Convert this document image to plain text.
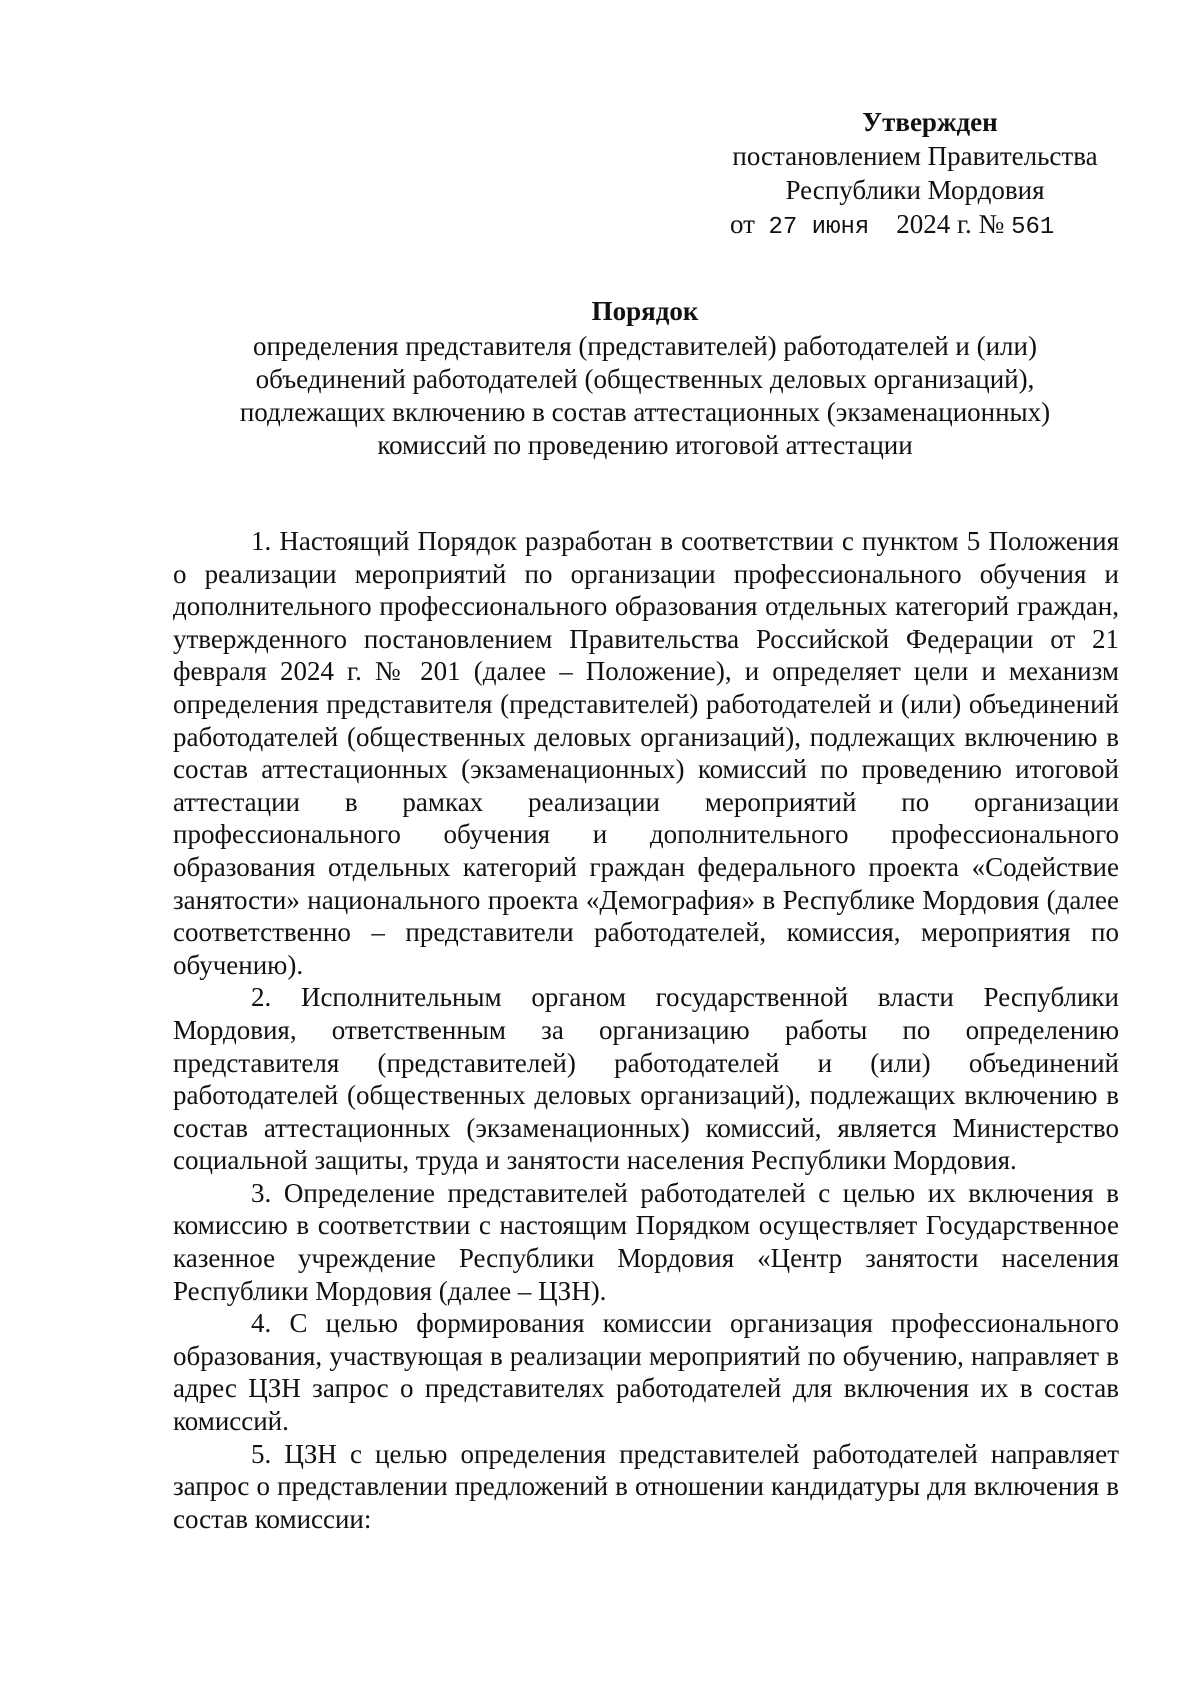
Утвержден
постановлением Правительства
Республики Мордовия
от 27 июня 2024 г. № 561
Порядок
определения представителя (представителей) работодателей и (или)
объединений работодателей (общественных деловых организаций),
подлежащих включению в состав аттестационных (экзаменационных)
комиссий по проведению итоговой аттестации

1. Настоящий Порядок разработан в соответствии с пунктом 5 Положения о реализации мероприятий по организации профессионального обучения и дополнительного профессионального образования отдельных категорий граждан, утвержденного постановлением Правительства Российской Федерации от 21 февраля 2024 г. № 201 (далее – Положение), и определяет цели и механизм определения представителя (представителей) работодателей и (или) объединений работодателей (общественных деловых организаций), подлежащих включению в состав аттестационных (экзаменационных) комиссий по проведению итоговой аттестации в рамках реализации мероприятий по организации профессионального обучения и дополнительного профессионального образования отдельных категорий граждан федерального проекта «Содействие занятости» национального проекта «Демография» в Республике Мордовия (далее соответственно – представители работодателей, комиссия, мероприятия по обучению).

2. Исполнительным органом государственной власти Республики Мордовия, ответственным за организацию работы по определению представителя (представителей) работодателей и (или) объединений работодателей (общественных деловых организаций), подлежащих включению в состав аттестационных (экзаменационных) комиссий, является Министерство социальной защиты, труда и занятости населения Республики Мордовия.

3. Определение представителей работодателей с целью их включения в комиссию в соответствии с настоящим Порядком осуществляет Государственное казенное учреждение Республики Мордовия «Центр занятости населения Республики Мордовия (далее – ЦЗН).

4. С целью формирования комиссии организация профессионального образования, участвующая в реализации мероприятий по обучению, направляет в адрес ЦЗН запрос о представителях работодателей для включения их в состав комиссий.

5. ЦЗН с целью определения представителей работодателей направляет запрос о представлении предложений в отношении кандидатуры для включения в состав комиссии:
